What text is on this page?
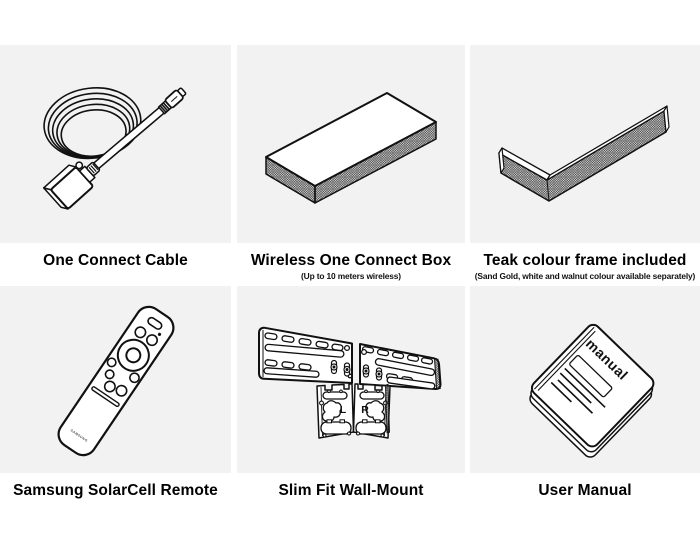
SAMSUNG
L R
manual
One Connect Cable	Wireless One Connect Box
(Up to 10 meters wireless)
Teak colour frame included
(Sand Gold, white and walnut colour available separately)
Samsung SolarCell Remote	Slim Fit Wall-Mount	User Manual
